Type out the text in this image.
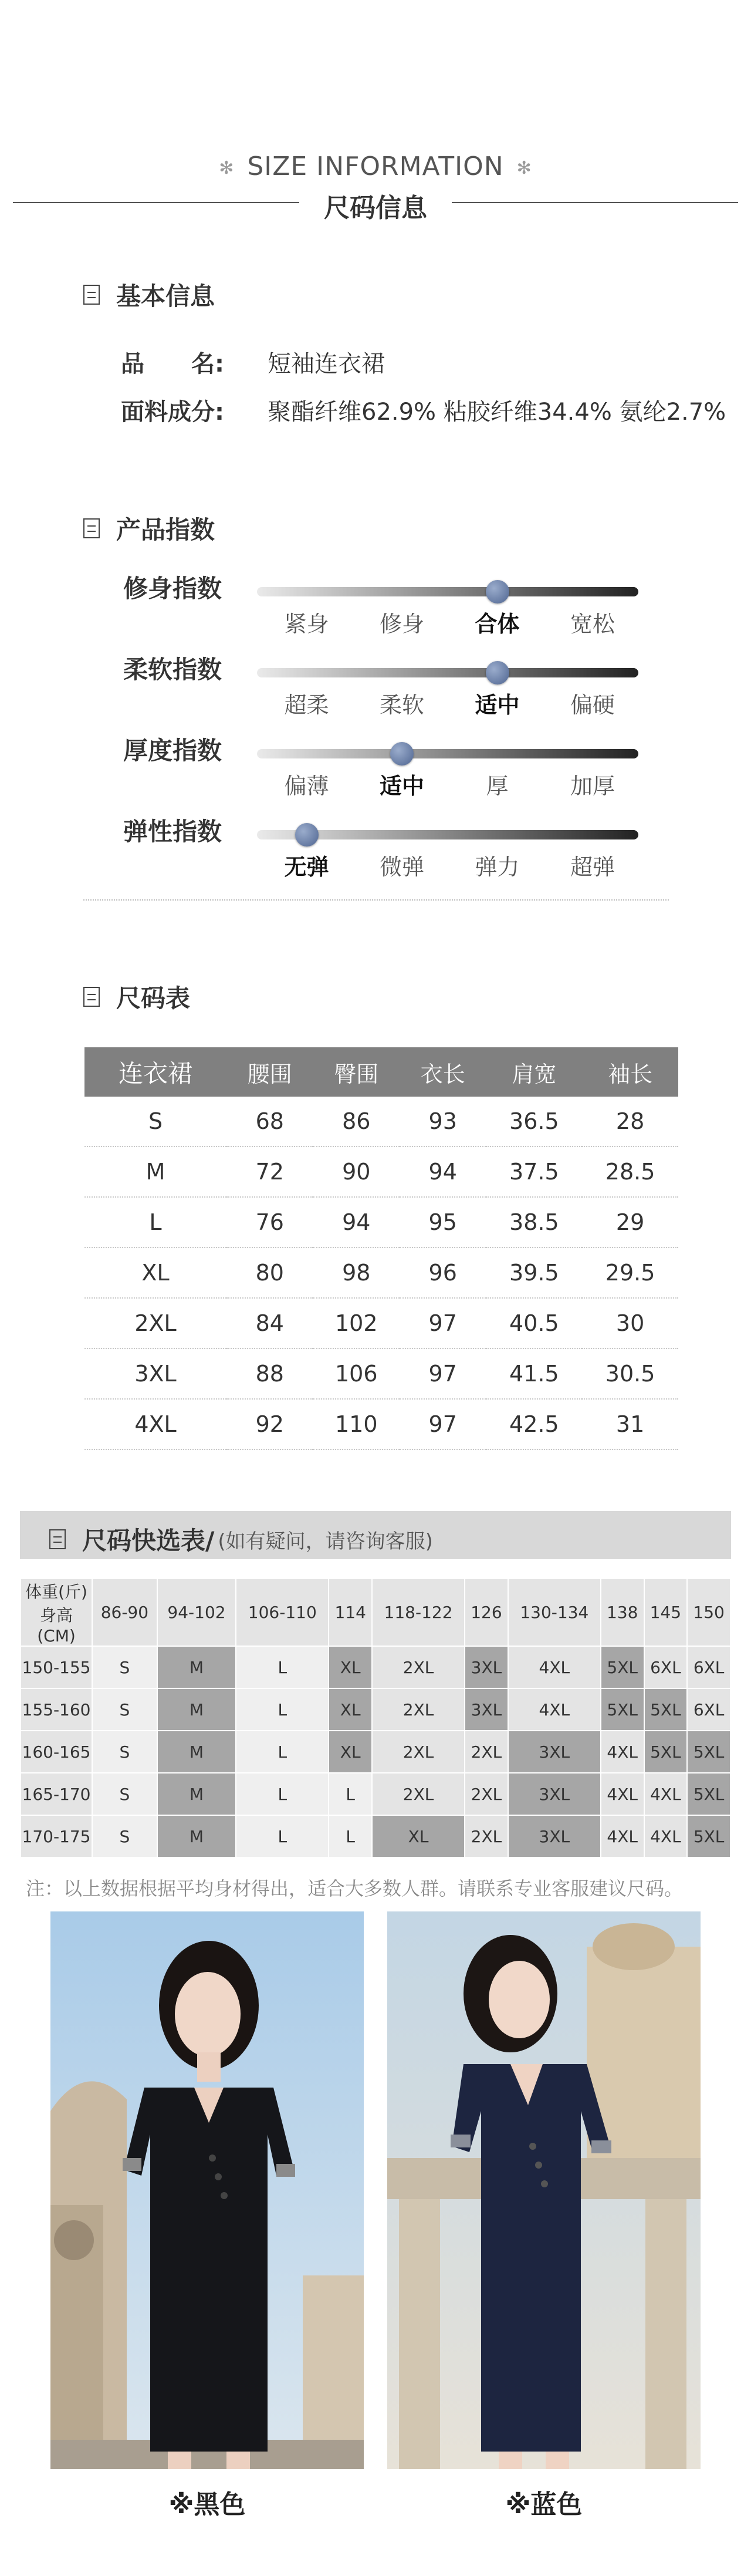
✻ SIZE INFORMATION ✻
尺码信息
基本信息
品　　名:	短袖连衣裙
面料成分:	聚酯纤维62.9% 粘胶纤维34.4% 氨纶2.7%
产品指数
修身指数
紧身	修身	合体	宽松
柔软指数
超柔	柔软	适中	偏硬
厚度指数
偏薄	适中	厚	加厚
弹性指数
无弹	微弹	弹力	超弹
尺码表
连衣裙	腰围	臀围	衣长	肩宽	袖长
S	68	86	93	36.5	28
M	72	90	94	37.5	28.5
L	76	94	95	38.5	29
XL	80	98	96	39.5	29.5
2XL	84	102	97	40.5	30
3XL	88	106	97	41.5	30.5
4XL	92	110	97	42.5	31
尺码快选表/ (如有疑问，请咨询客服)
体重(斤)
身高(CM)	86-90	94-102	106-110	114	118-122	126	130-134	138	145	150
150-155	S	M	L	XL	2XL	3XL	4XL	5XL	6XL	6XL
155-160	S	M	L	XL	2XL	3XL	4XL	5XL	5XL	6XL
160-165	S	M	L	XL	2XL	2XL	3XL	4XL	5XL	5XL
165-170	S	M	L	L	2XL	2XL	3XL	4XL	4XL	5XL
170-175	S	M	L	L	XL	2XL	3XL	4XL	4XL	5XL
注：以上数据根据平均身材得出，适合大多数人群。请联系专业客服建议尺码。
※黑色	※蓝色
